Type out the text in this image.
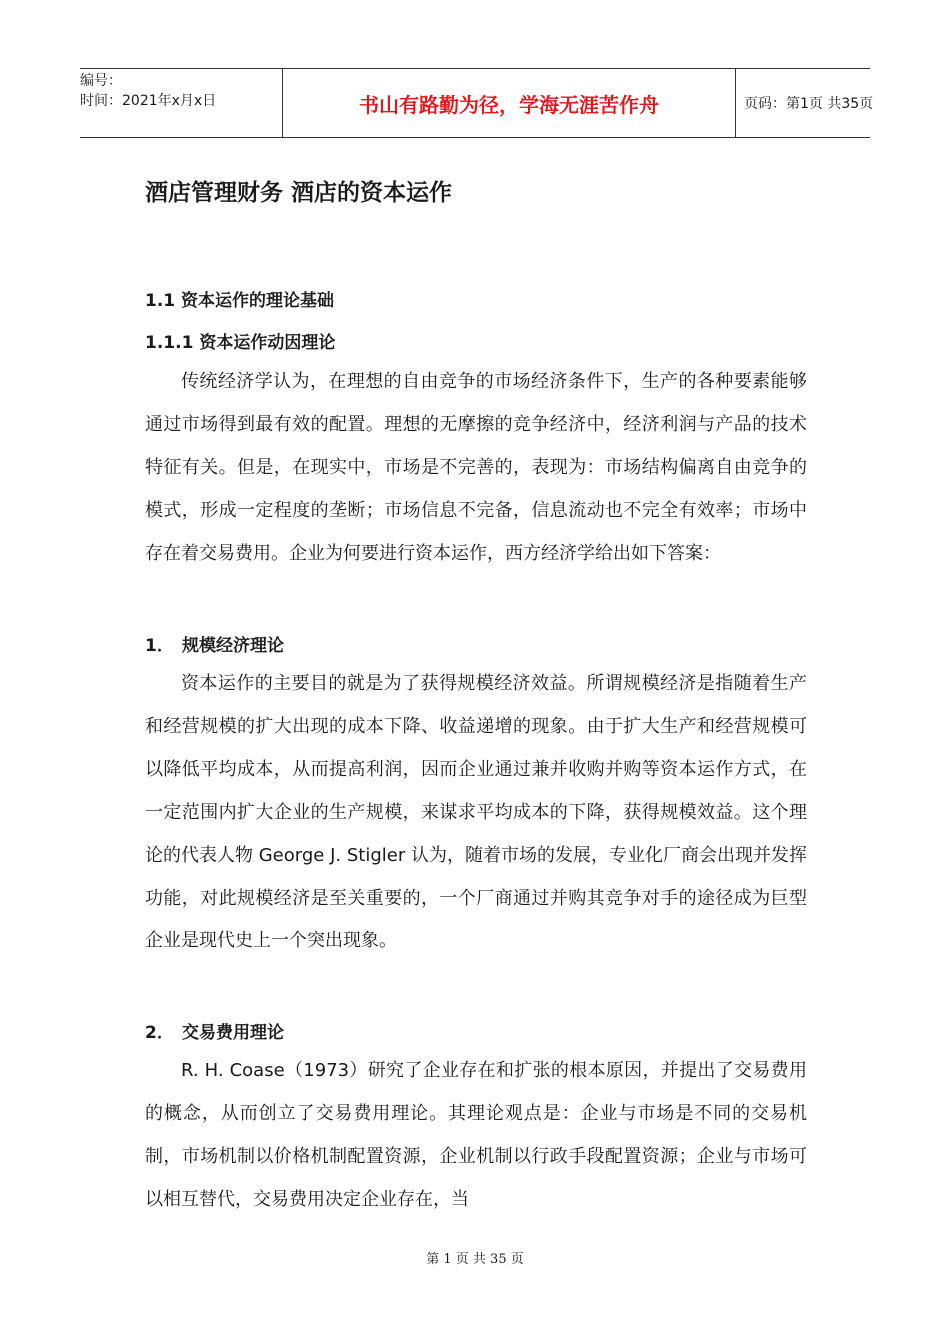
编号：
时间：2021年x月x日	书山有路勤为径，学海无涯苦作舟	页码：第1页 共35页
酒店管理财务 酒店的资本运作
1.1 资本运作的理论基础
1.1.1 资本运作动因理论

传统经济学认为，在理想的自由竞争的市场经济条件下，生产的各种要素能够通过市场得到最有效的配置。理想的无摩擦的竞争经济中，经济利润与产品的技术特征有关。但是，在现实中，市场是不完善的，表现为：市场结构偏离自由竞争的模式，形成一定程度的垄断；市场信息不完备，信息流动也不完全有效率；市场中存在着交易费用。企业为何要进行资本运作，西方经济学给出如下答案：

1． 规模经济理论

资本运作的主要目的就是为了获得规模经济效益。所谓规模经济是指随着生产和经营规模的扩大出现的成本下降、收益递增的现象。由于扩大生产和经营规模可以降低平均成本，从而提高利润，因而企业通过兼并收购并购等资本运作方式，在一定范围内扩大企业的生产规模，来谋求平均成本的下降，获得规模效益。这个理论的代表人物 George J. Stigler 认为，随着市场的发展，专业化厂商会出现并发挥功能，对此规模经济是至关重要的，一个厂商通过并购其竞争对手的途径成为巨型企业是现代史上一个突出现象。

2． 交易费用理论

R. H. Coase（1973）研究了企业存在和扩张的根本原因，并提出了交易费用的概念，从而创立了交易费用理论。其理论观点是：企业与市场是不同的交易机制，市场机制以价格机制配置资源，企业机制以行政手段配置资源；企业与市场可以相互替代，交易费用决定企业存在，当

第 1 页 共 35 页
